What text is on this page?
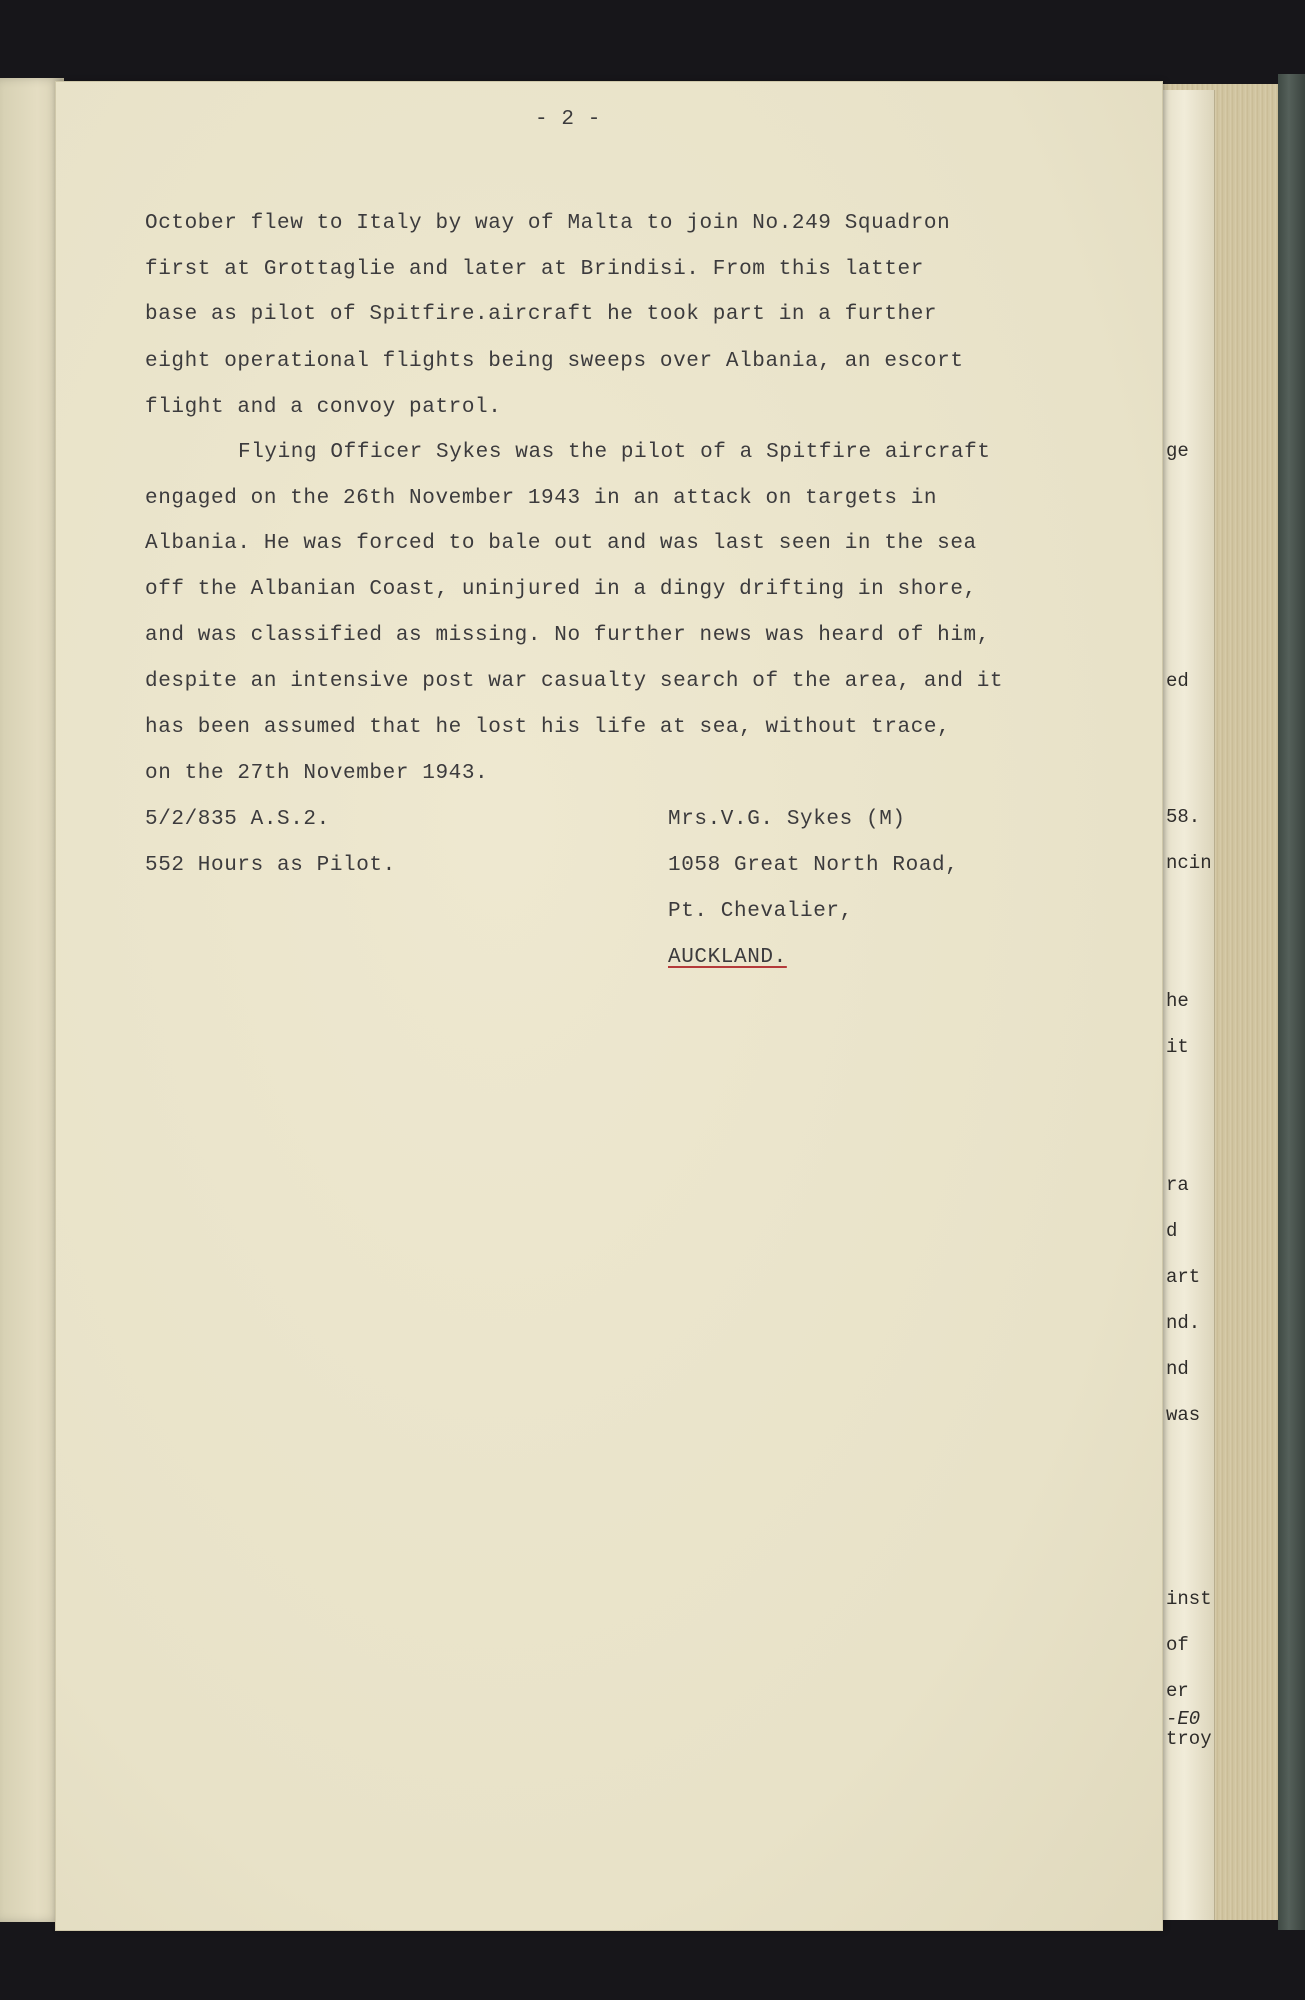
- 2 -
October flew to Italy by way of Malta to join No.249 Squadron
first at Grottaglie and later at Brindisi. From this latter
base as pilot of Spitfire.aircraft he took part in a further
eight operational flights being sweeps over Albania, an escort
flight and a convoy patrol.
Flying Officer Sykes was the pilot of a Spitfire aircraft
engaged on the 26th November 1943 in an attack on targets in
Albania. He was forced to bale out and was last seen in the sea
off the Albanian Coast, uninjured in a dingy drifting in shore,
and was classified as missing. No further news was heard of him,
despite an intensive post war casualty search of the area, and it
has been assumed that he lost his life at sea, without trace,
on the 27th November 1943.
5/2/835 A.S.2.
552 Hours as Pilot.
Mrs.V.G. Sykes (M)
1058 Great North Road,
Pt. Chevalier,
AUCKLAND.
ge
ed
58.
ncin
he
it
ra
d
art
nd.
nd
was
inst
of
er
-E0
troy
